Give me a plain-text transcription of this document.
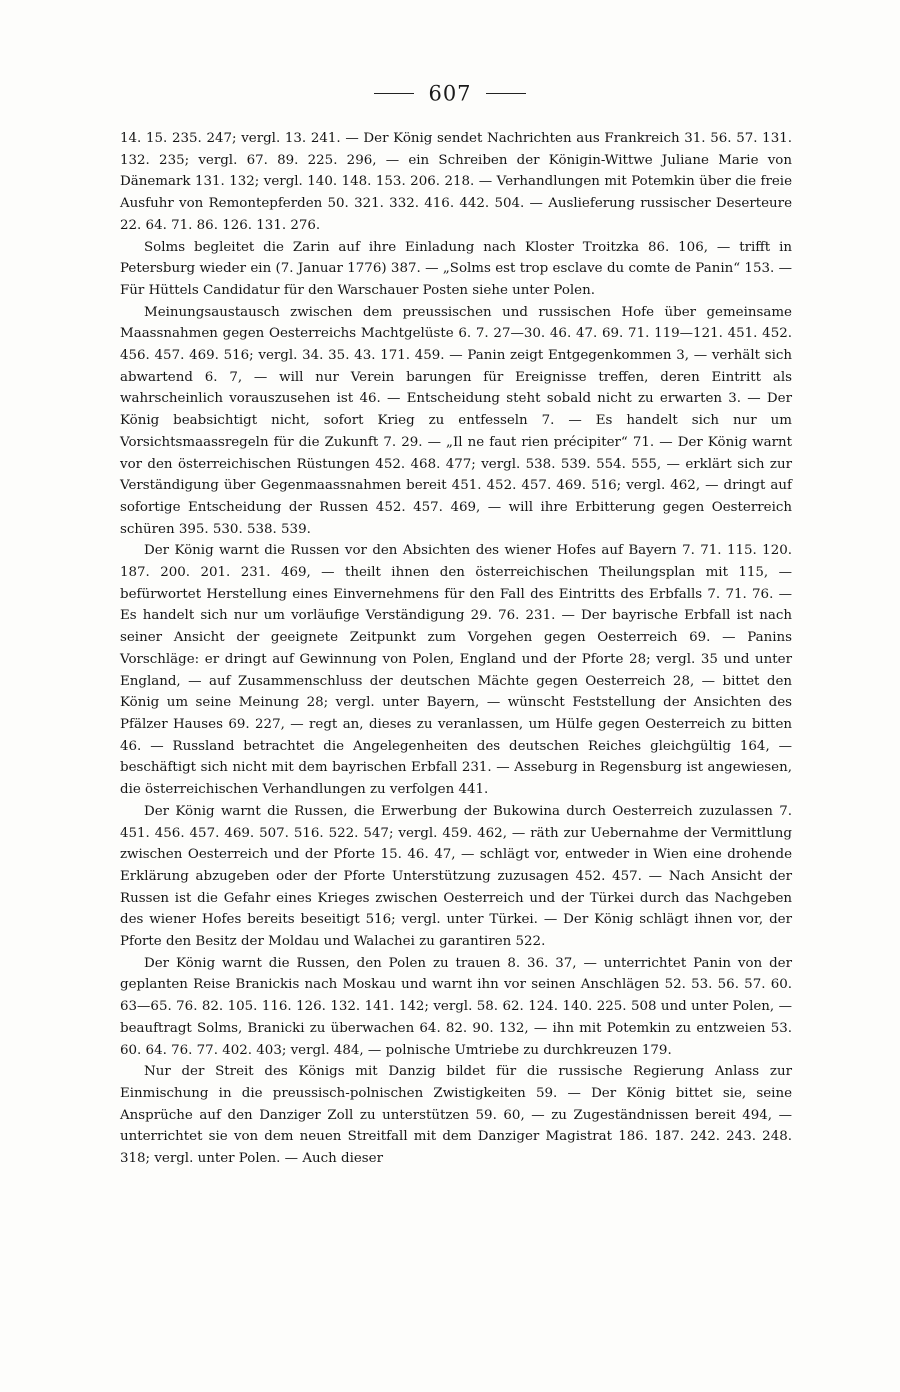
607

14. 15. 235. 247; vergl. 13. 241. — Der König sendet Nachrichten aus Frankreich 31. 56. 57. 131. 132. 235; vergl. 67. 89. 225. 296, — ein Schreiben der Königin-Wittwe Juliane Marie von Dänemark 131. 132; vergl. 140. 148. 153. 206. 218. — Verhandlungen mit Potemkin über die freie Ausfuhr von Remontepferden 50. 321. 332. 416. 442. 504. — Auslieferung russischer Deserteure 22. 64. 71. 86. 126. 131. 276.

Solms begleitet die Zarin auf ihre Einladung nach Kloster Troitzka 86. 106, — trifft in Petersburg wieder ein (7. Januar 1776) 387. — „Solms est trop esclave du comte de Panin“ 153. — Für Hüttels Candidatur für den Warschauer Posten siehe unter Polen.

Meinungsaustausch zwischen dem preussischen und russischen Hofe über gemeinsame Maassnahmen gegen Oesterreichs Machtgelüste 6. 7. 27—30. 46. 47. 69. 71. 119—121. 451. 452. 456. 457. 469. 516; vergl. 34. 35. 43. 171. 459. — Panin zeigt Entgegenkommen 3, — verhält sich abwartend 6. 7, — will nur Verein barungen für Ereignisse treffen, deren Eintritt als wahrscheinlich vorauszusehen ist 46. — Entscheidung steht sobald nicht zu erwarten 3. — Der König beabsichtigt nicht, sofort Krieg zu entfesseln 7. — Es handelt sich nur um Vorsichtsmaassregeln für die Zukunft 7. 29. — „Il ne faut rien précipiter“ 71. — Der König warnt vor den österreichischen Rüstungen 452. 468. 477; vergl. 538. 539. 554. 555, — erklärt sich zur Verständigung über Gegenmaassnahmen bereit 451. 452. 457. 469. 516; vergl. 462, — dringt auf sofortige Entscheidung der Russen 452. 457. 469, — will ihre Erbitterung gegen Oesterreich schüren 395. 530. 538. 539.

Der König warnt die Russen vor den Absichten des wiener Hofes auf Bayern 7. 71. 115. 120. 187. 200. 201. 231. 469, — theilt ihnen den österreichischen Theilungsplan mit 115, — befürwortet Herstellung eines Einvernehmens für den Fall des Eintritts des Erbfalls 7. 71. 76. — Es handelt sich nur um vorläufige Verständigung 29. 76. 231. — Der bayrische Erbfall ist nach seiner Ansicht der geeignete Zeitpunkt zum Vorgehen gegen Oesterreich 69. — Panins Vorschläge: er dringt auf Gewinnung von Polen, England und der Pforte 28; vergl. 35 und unter England, — auf Zusammenschluss der deutschen Mächte gegen Oesterreich 28, — bittet den König um seine Meinung 28; vergl. unter Bayern, — wünscht Feststellung der Ansichten des Pfälzer Hauses 69. 227, — regt an, dieses zu veranlassen, um Hülfe gegen Oesterreich zu bitten 46. — Russland betrachtet die Angelegenheiten des deutschen Reiches gleichgültig 164, — beschäftigt sich nicht mit dem bayrischen Erbfall 231. — Asseburg in Regensburg ist angewiesen, die österreichischen Verhandlungen zu verfolgen 441.

Der König warnt die Russen, die Erwerbung der Bukowina durch Oesterreich zuzulassen 7. 451. 456. 457. 469. 507. 516. 522. 547; vergl. 459. 462, — räth zur Uebernahme der Vermittlung zwischen Oesterreich und der Pforte 15. 46. 47, — schlägt vor, entweder in Wien eine drohende Erklärung abzugeben oder der Pforte Unterstützung zuzusagen 452. 457. — Nach Ansicht der Russen ist die Gefahr eines Krieges zwischen Oesterreich und der Türkei durch das Nachgeben des wiener Hofes bereits beseitigt 516; vergl. unter Türkei. — Der König schlägt ihnen vor, der Pforte den Besitz der Moldau und Walachei zu garantiren 522.

Der König warnt die Russen, den Polen zu trauen 8. 36. 37, — unterrichtet Panin von der geplanten Reise Branickis nach Moskau und warnt ihn vor seinen Anschlägen 52. 53. 56. 57. 60. 63—65. 76. 82. 105. 116. 126. 132. 141. 142; vergl. 58. 62. 124. 140. 225. 508 und unter Polen, — beauftragt Solms, Branicki zu überwachen 64. 82. 90. 132, — ihn mit Potemkin zu entzweien 53. 60. 64. 76. 77. 402. 403; vergl. 484, — polnische Umtriebe zu durchkreuzen 179.

Nur der Streit des Königs mit Danzig bildet für die russische Regierung Anlass zur Einmischung in die preussisch-polnischen Zwistigkeiten 59. — Der König bittet sie, seine Ansprüche auf den Danziger Zoll zu unterstützen 59. 60, — zu Zugeständnissen bereit 494, — unterrichtet sie von dem neuen Streitfall mit dem Danziger Magistrat 186. 187. 242. 243. 248. 318; vergl. unter Polen. — Auch dieser
